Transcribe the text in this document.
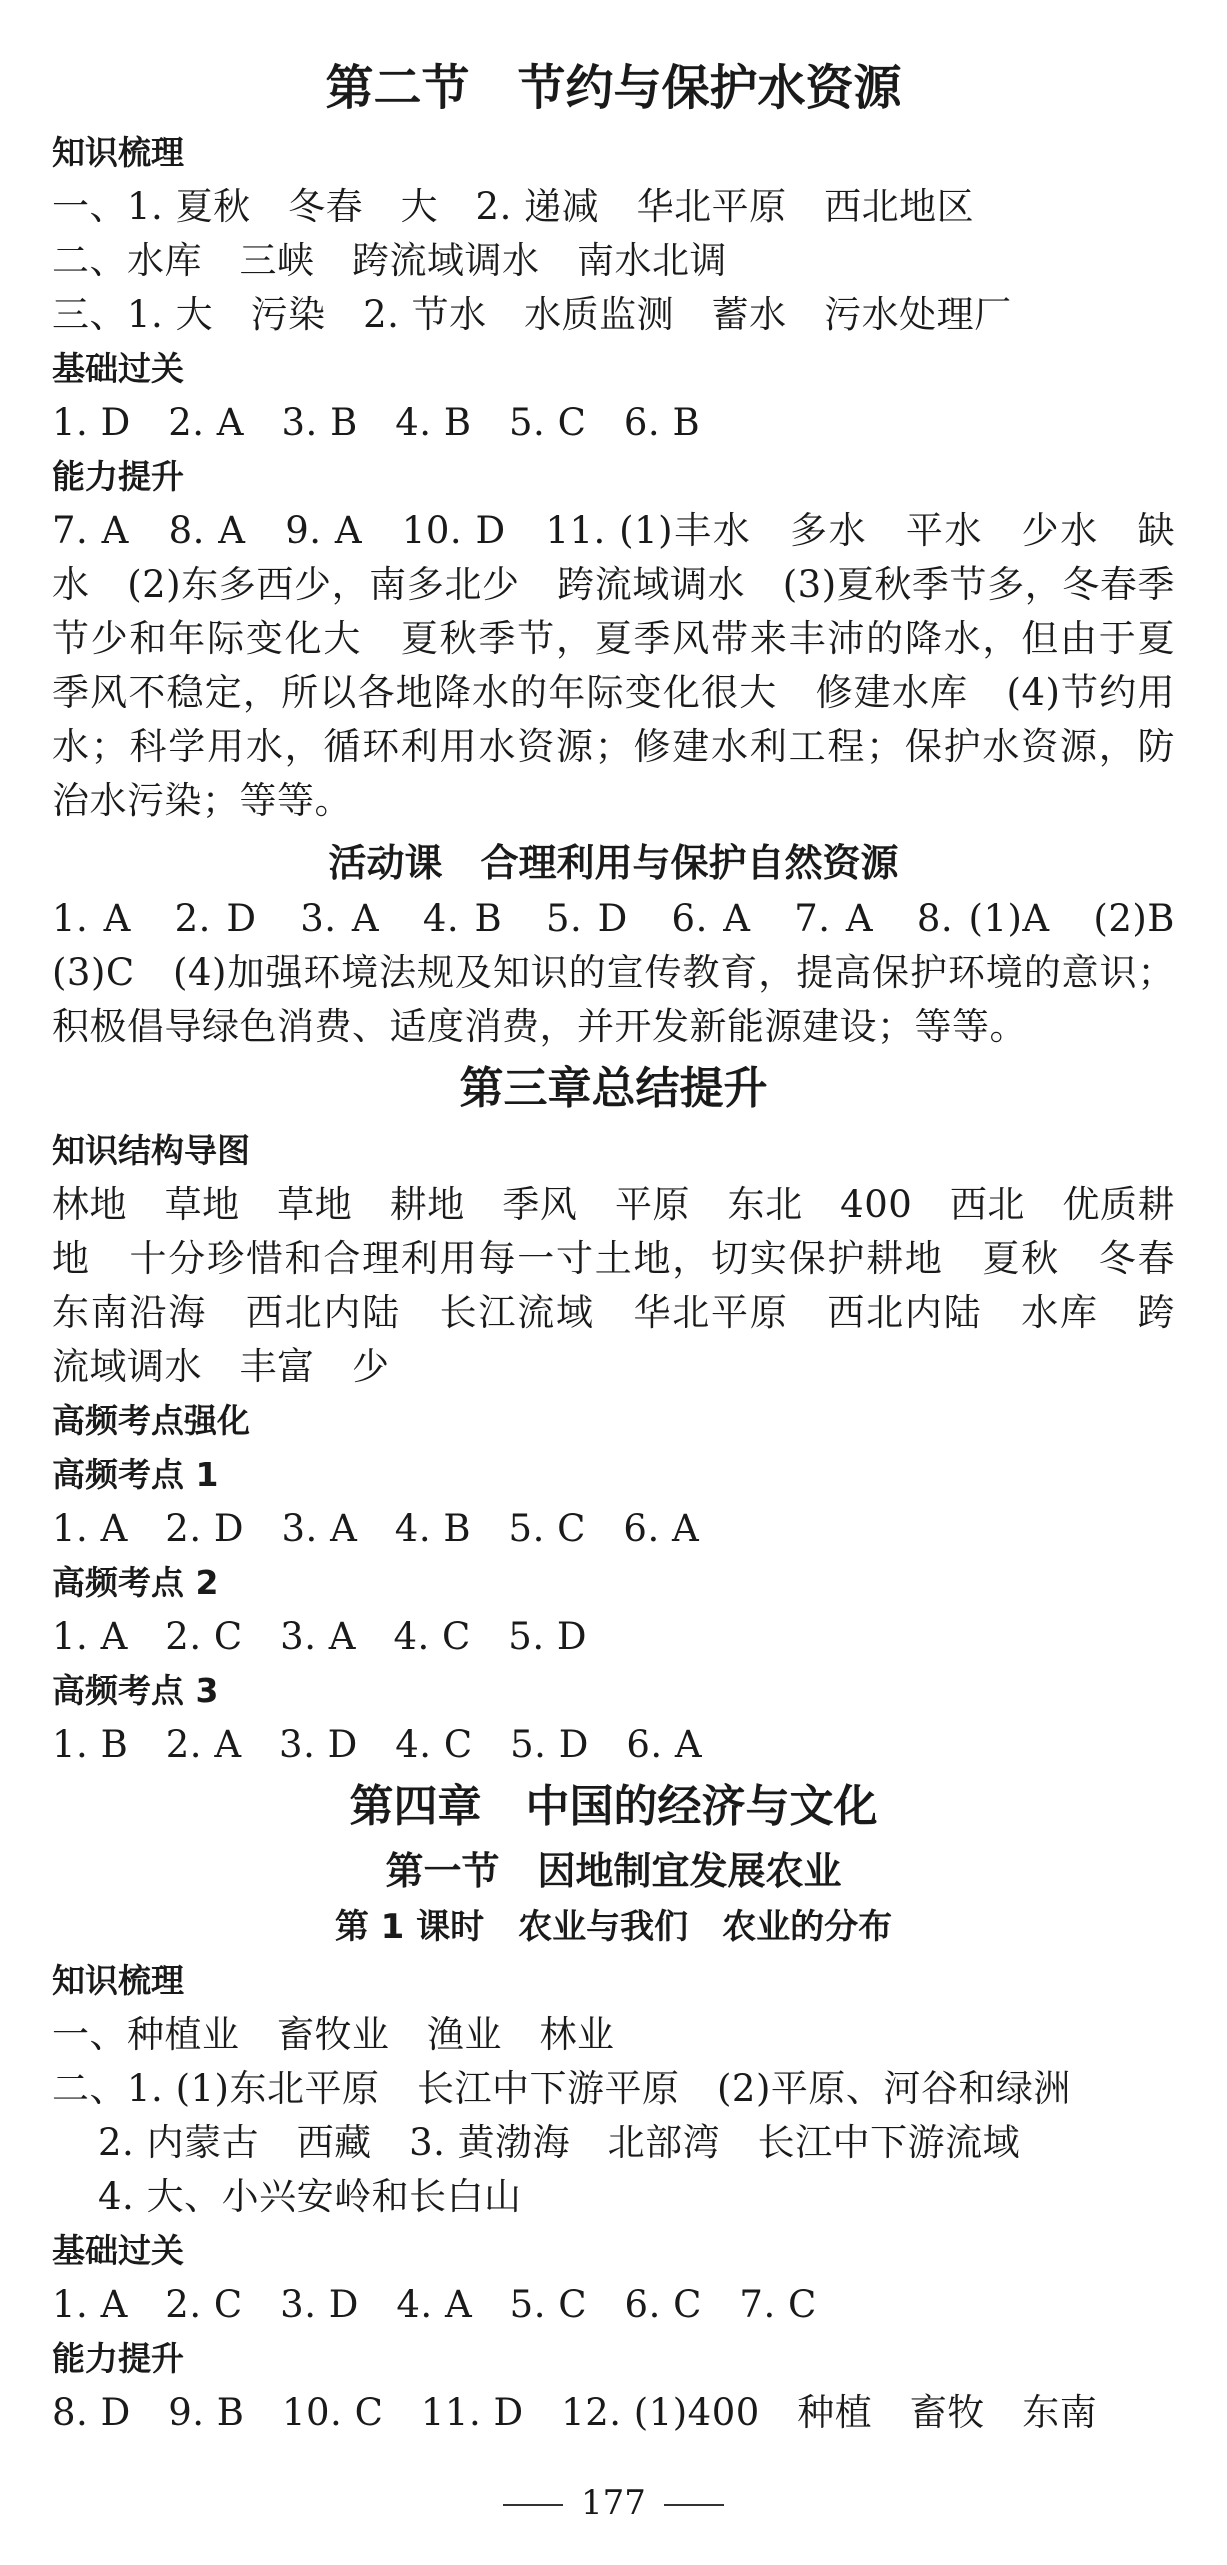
第二节　节约与保护水资源
知识梳理
一、1. 夏秋　冬春　大　2. 递减　华北平原　西北地区
二、水库　三峡　跨流域调水　南水北调
三、1. 大　污染　2. 节水　水质监测　蓄水　污水处理厂
基础过关
1. D　2. A　3. B　4. B　5. C　6. B
能力提升
7. A　8. A　9. A　10. D　11. (1)丰水　多水　平水　少水　缺水　(2)东多西少，南多北少　跨流域调水　(3)夏秋季节多，冬春季节少和年际变化大　夏秋季节，夏季风带来丰沛的降水，但由于夏季风不稳定，所以各地降水的年际变化很大　修建水库　(4)节约用水；科学用水，循环利用水资源；修建水利工程；保护水资源，防治水污染；等等。
活动课　合理利用与保护自然资源
1. A　2. D　3. A　4. B　5. D　6. A　7. A　8. (1)A　(2)B　(3)C　(4)加强环境法规及知识的宣传教育，提高保护环境的意识；积极倡导绿色消费、适度消费，并开发新能源建设；等等。
第三章总结提升
知识结构导图
林地　草地　草地　耕地　季风　平原　东北　400　西北　优质耕地　十分珍惜和合理利用每一寸土地，切实保护耕地　夏秋　冬春　东南沿海　西北内陆　长江流域　华北平原　西北内陆　水库　跨流域调水　丰富　少
高频考点强化
高频考点 1
1. A　2. D　3. A　4. B　5. C　6. A
高频考点 2
1. A　2. C　3. A　4. C　5. D
高频考点 3
1. B　2. A　3. D　4. C　5. D　6. A
第四章　中国的经济与文化
第一节　因地制宜发展农业
第 1 课时　农业与我们　农业的分布
知识梳理
一、种植业　畜牧业　渔业　林业
二、1. (1)东北平原　长江中下游平原　(2)平原、河谷和绿洲
2. 内蒙古　西藏　3. 黄渤海　北部湾　长江中下游流域
4. 大、小兴安岭和长白山
基础过关
1. A　2. C　3. D　4. A　5. C　6. C　7. C
能力提升
8. D　9. B　10. C　11. D　12. (1)400　种植　畜牧　东南
177
